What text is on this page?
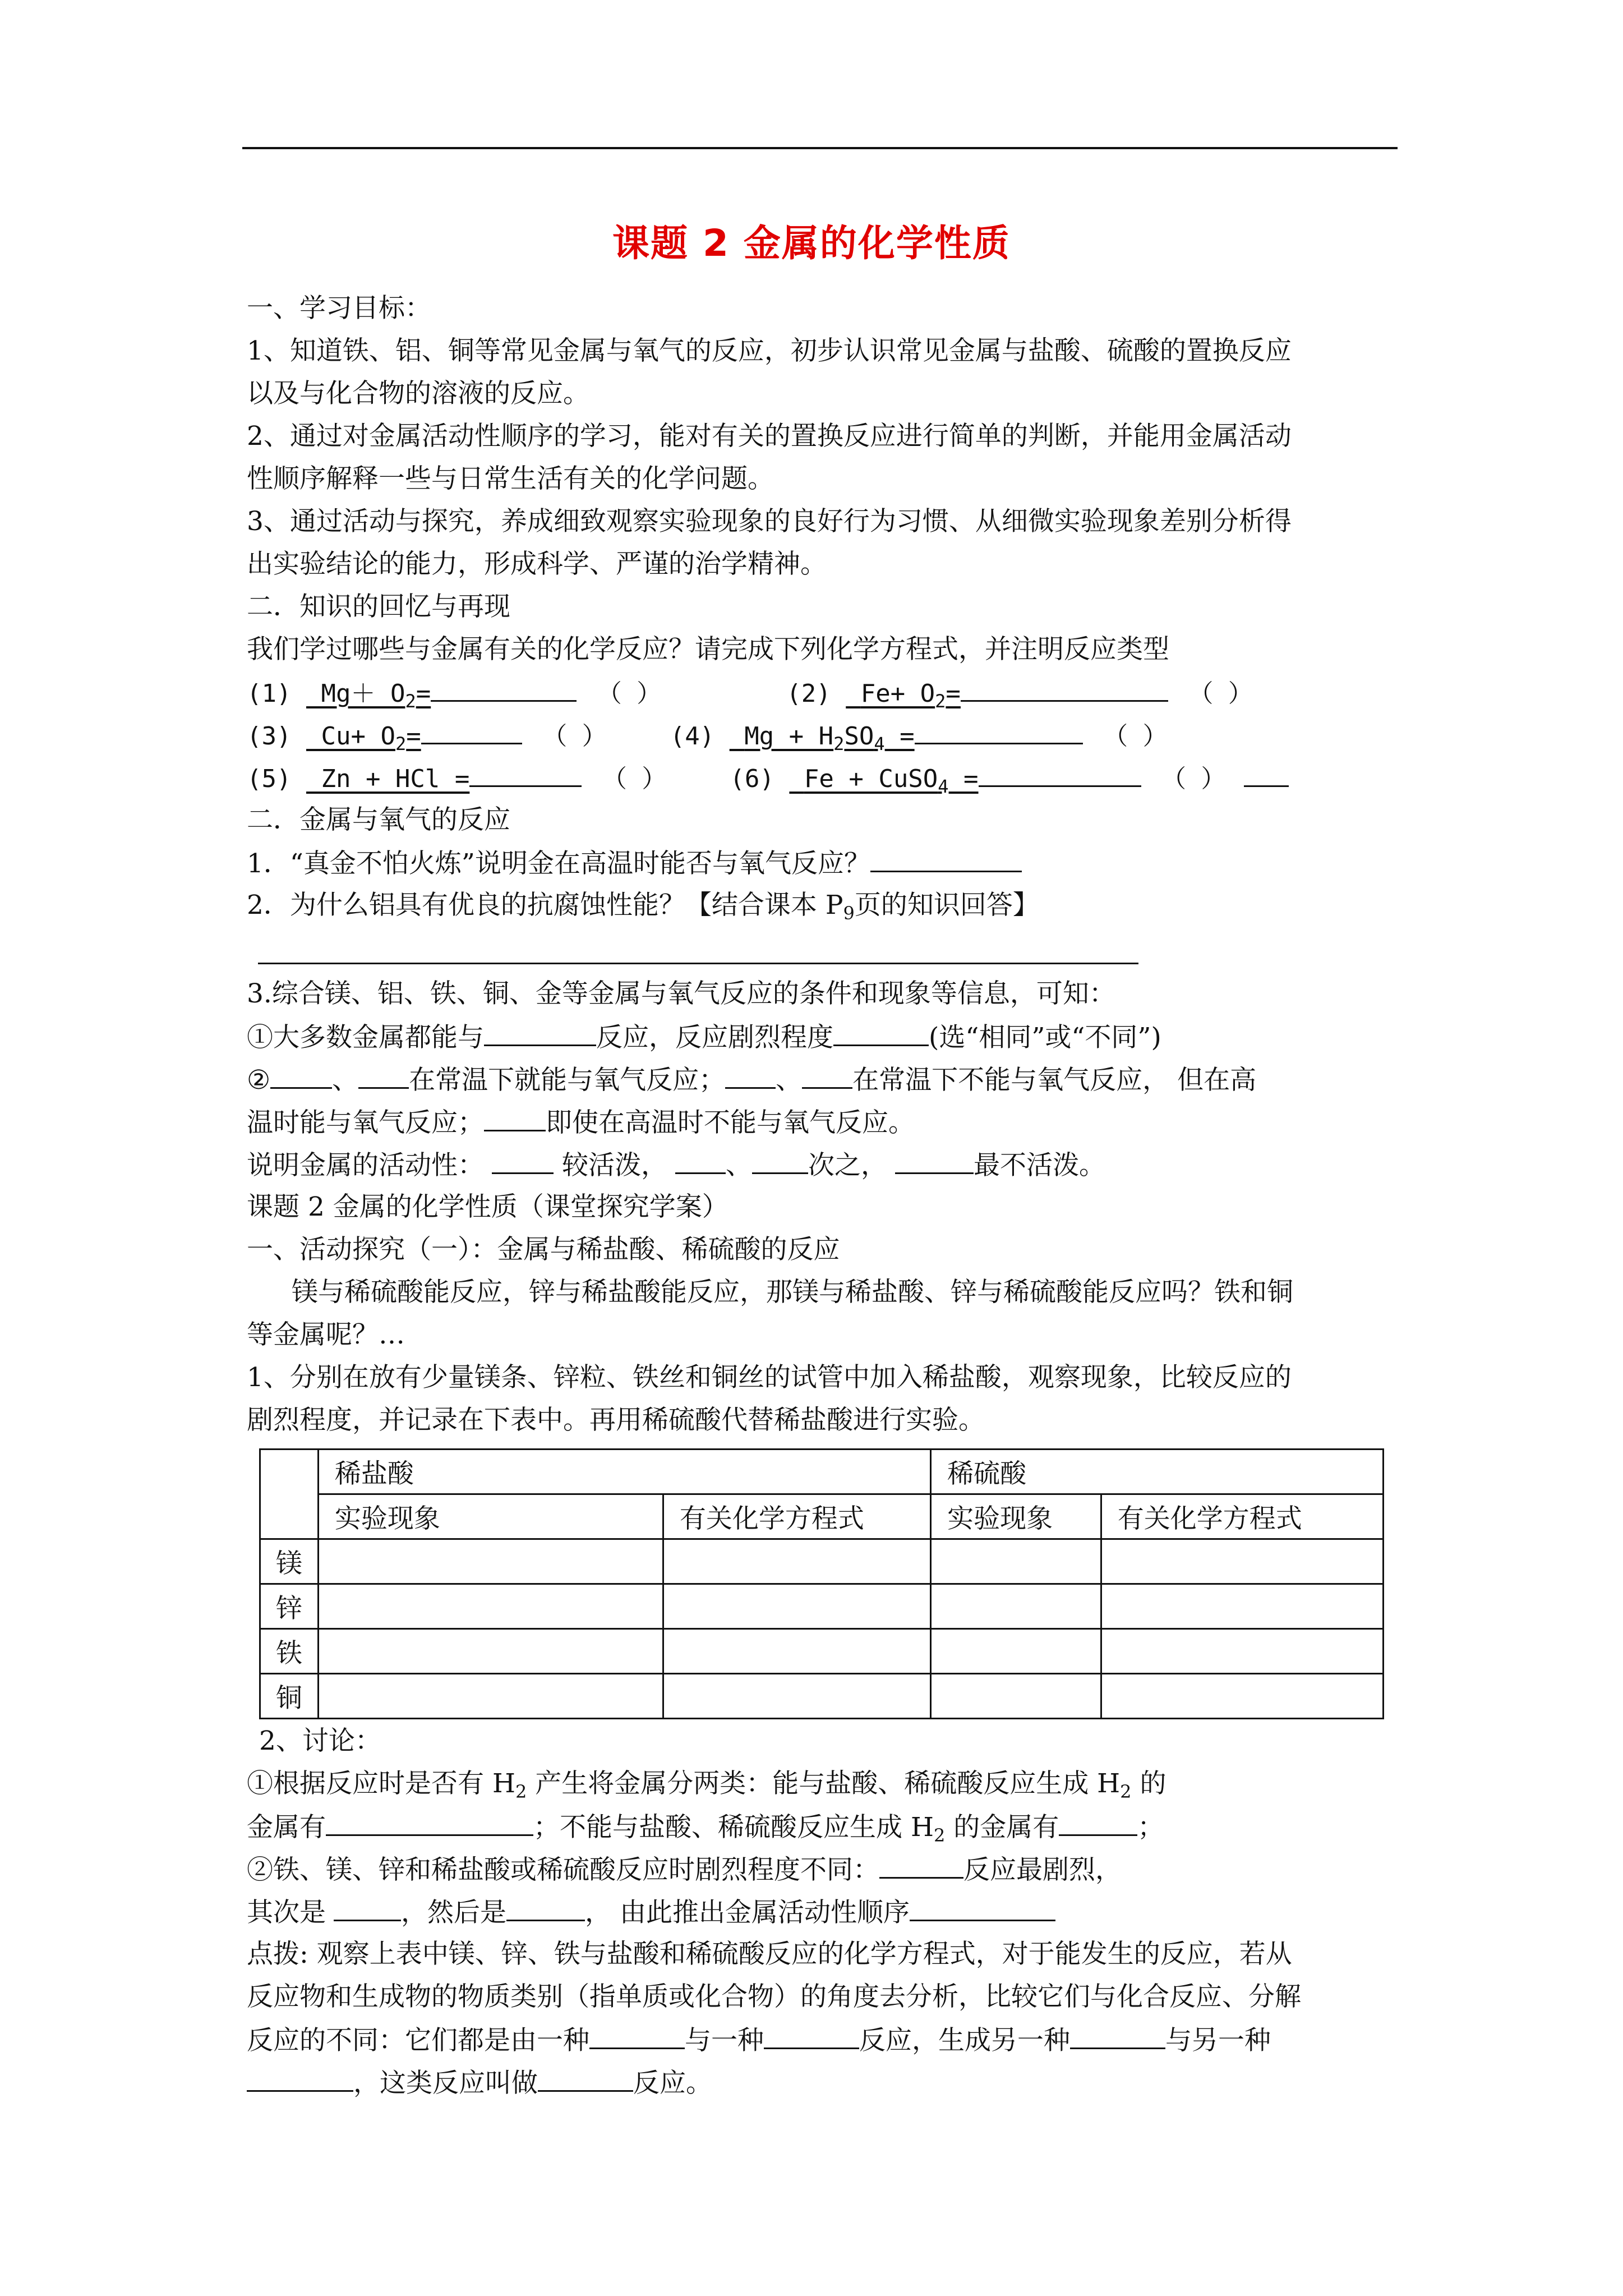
课题 2 金属的化学性质
一、学习目标：
1、知道铁、铝、铜等常见金属与氧气的反应，初步认识常见金属与盐酸、硫酸的置换反应
以及与化合物的溶液的反应。
2、通过对金属活动性顺序的学习，能对有关的置换反应进行简单的判断，并能用金属活动
性顺序解释一些与日常生活有关的化学问题。
3、通过活动与探究，养成细致观察实验现象的良好行为习惯、从细微实验现象差别分析得
出实验结论的能力，形成科学、严谨的治学精神。
二．知识的回忆与再现
我们学过哪些与金属有关的化学反应？请完成下列化学方程式，并注明反应类型
(1) $Mg+ O_2=$	（ ）	(2) $Fe+ O_2=$	（ ）
(3) $Cu+ O_2=$	（ ）	(4) $Mg + H_2SO_4$ =	（ ）
(5) Zn + HCl =	（ ）	(6) Fe + CuSO$_4$ =	（ ）
二．金属与氧气的反应
1．“真金不怕火炼”说明金在高温时能否与氧气反应？
2．为什么铝具有优良的抗腐蚀性能？【结合课本 $P_9$页的知识回答】
3.综合镁、铝、铁、铜、金等金属与氧气反应的条件和现象等信息，可知：
①大多数金属都能与	反应，反应剧烈程度	(选“相同”或“不同”)
② 、 在常温下就能与氧气反应； 、 在常温下不能与氧气反应， 但在高
温时能与氧气反应； 即使在高温时不能与氧气反应。
说明金属的活动性：	较活泼， 、 次之，	最不活泼。
课题 2 金属的化学性质（课堂探究学案）
一、活动探究（一）：金属与稀盐酸、稀硫酸的反应
镁与稀硫酸能反应，锌与稀盐酸能反应，那镁与稀盐酸、锌与稀硫酸能反应吗？铁和铜
等金属呢？…
1、分别在放有少量镁条、锌粒、铁丝和铜丝的试管中加入稀盐酸，观察现象，比较反应的
剧烈程度，并记录在下表中。再用稀硫酸代替稀盐酸进行实验。
	稀盐酸		稀硫酸	
	实验现象	有关化学方程式	实验现象	有关化学方程式
镁				
锌				
铁				
铜				
2、讨论：
①根据反应时是否有 $H_2$ 产生将金属分两类：能与盐酸、稀硫酸反应生成 $H_2$ 的
金属有	；不能与盐酸、稀硫酸反应生成 $H_2$ 的金属有	；
②铁、镁、锌和稀盐酸或稀硫酸反应时剧烈程度不同：	反应最剧烈，
其次是	，然后是	， 由此推出金属活动性顺序
点拨: 观察上表中镁、锌、铁与盐酸和稀硫酸反应的化学方程式，对于能发生的反应，若从
反应物和生成物的物质类别（指单质或化合物）的角度去分析，比较它们与化合反应、分解
反应的不同：它们都是由一种	与一种	反应，生成另一种	与另一种
，这类反应叫做	反应。
